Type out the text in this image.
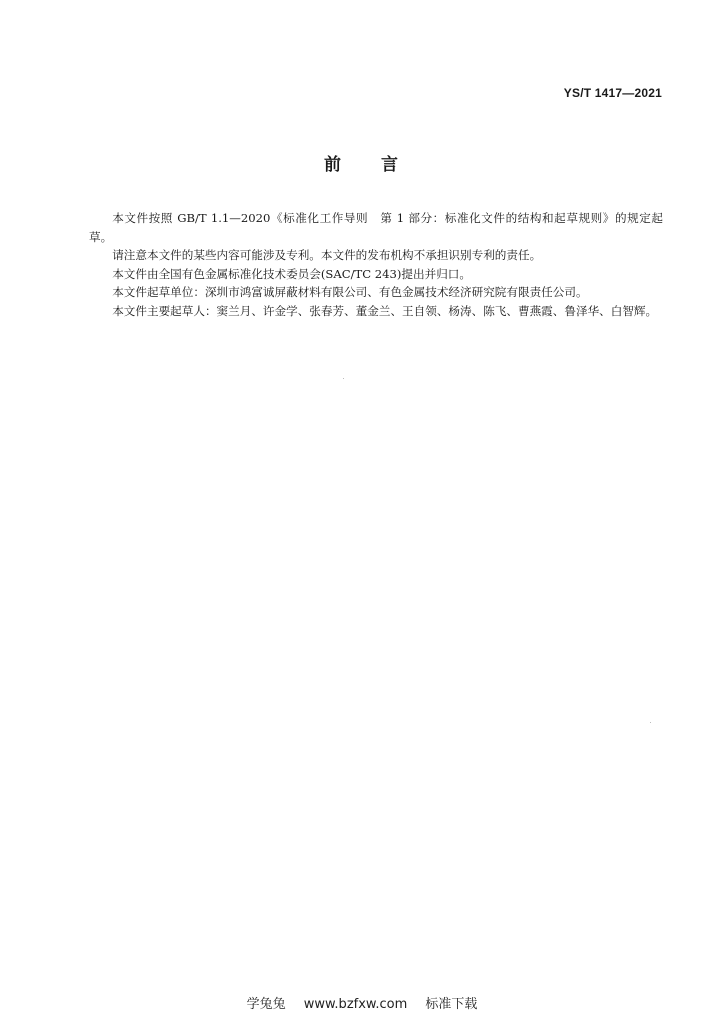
YS/T 1417—2021
前 言

本文件按照 GB/T 1.1—2020《标准化工作导则　第 1 部分：标准化文件的结构和起草规则》的规定起草。

请注意本文件的某些内容可能涉及专利。本文件的发布机构不承担识别专利的责任。

本文件由全国有色金属标准化技术委员会(SAC/TC 243)提出并归口。

本文件起草单位：深圳市鸿富诚屏蔽材料有限公司、有色金属技术经济研究院有限责任公司。

本文件主要起草人：窦兰月、许金学、张春芳、董金兰、王自领、杨涛、陈飞、曹燕霞、鲁泽华、白智辉。

学兔兔 www.bzfxw.com 标准下载
